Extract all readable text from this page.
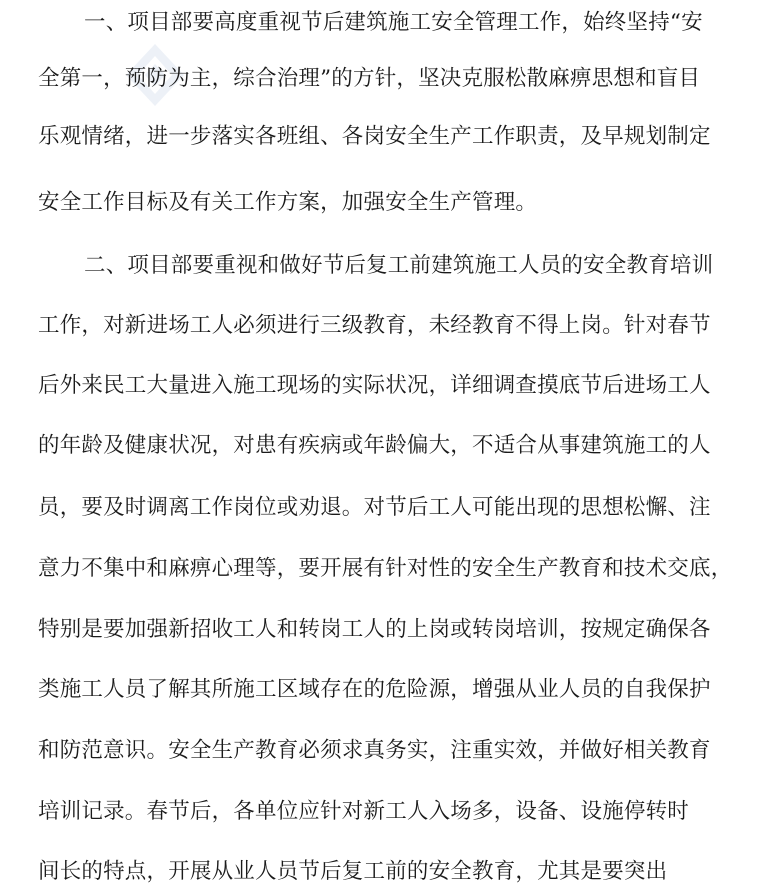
一、项目部要高度重视节后建筑施工安全管理工作，始终坚持“安
全第一，预防为主，综合治理”的方针，坚决克服松散麻痹思想和盲目
乐观情绪，进一步落实各班组、各岗安全生产工作职责，及早规划制定
安全工作目标及有关工作方案，加强安全生产管理。
二、项目部要重视和做好节后复工前建筑施工人员的安全教育培训
工作，对新进场工人必须进行三级教育，未经教育不得上岗。针对春节
后外来民工大量进入施工现场的实际状况，详细调查摸底节后进场工人
的年龄及健康状况，对患有疾病或年龄偏大，不适合从事建筑施工的人
员，要及时调离工作岗位或劝退。对节后工人可能出现的思想松懈、注
意力不集中和麻痹心理等，要开展有针对性的安全生产教育和技术交底，
特别是要加强新招收工人和转岗工人的上岗或转岗培训，按规定确保各
类施工人员了解其所施工区域存在的危险源，增强从业人员的自我保护
和防范意识。安全生产教育必须求真务实，注重实效，并做好相关教育
培训记录。春节后，各单位应针对新工人入场多，设备、设施停转时
间长的特点，开展从业人员节后复工前的安全教育，尤其是要突出
